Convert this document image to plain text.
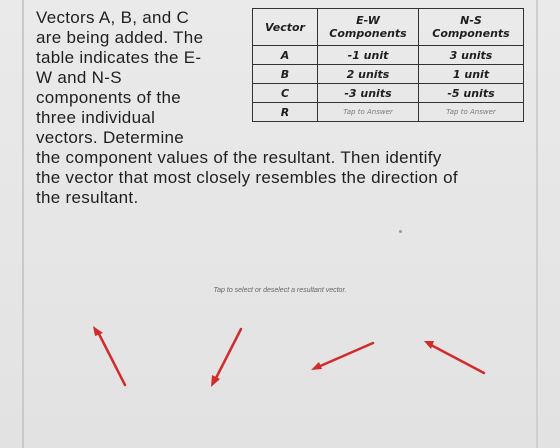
Vectors A, B, and C
are being added. The
table indicates the E-
W and N-S
components of the
three individual
vectors. Determine
the component values of the resultant. Then identify
the vector that most closely resembles the direction of
the resultant.
Vector	E-W Components	N-S Components
A	-1 unit	3 units
B	2 units	1 unit
C	-3 units	-5 units
R	Tap to Answer	Tap to Answer
Tap to select or deselect a resultant vector.
